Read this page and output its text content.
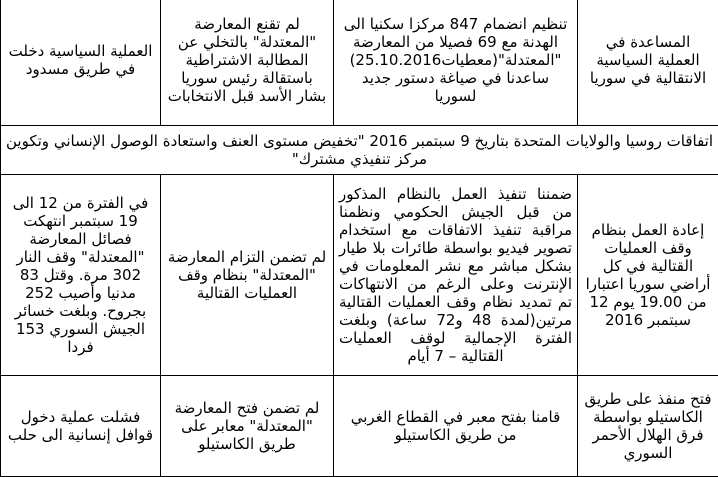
المساعدة في العملية السياسية الانتقالية في سوريا	تنظيم انضمام 847 مركزا سكنيا الى الهدنة مع 69 فصيلا من المعارضة "المعتدلة"(معطيات25.10.2016) ساعدنا في صياغة دستور جديد لسوريا	لم تقنع المعارضة "المعتدلة" بالتخلي عن المطالبة الاشتراطية باستقالة رئيس سوريا بشار الأسد قبل الانتخابات	العملية السياسية دخلت في طريق مسدود
اتفاقات روسيا والولايات المتحدة بتاريخ 9 سبتمبر 2016 "تخفيض مستوى العنف واستعادة الوصول الإنساني وتكوين مركز تنفيذي مشترك"			
إعادة العمل بنظام وقف العمليات القتالية في كل أراضي سوريا اعتبارا من 19.00 يوم 12 سبتمبر 2016	ضمننا تنفيذ العمل بالنظام المذكور من قبل الجيش الحكومي ونظمنا مراقبة تنفيذ الاتفاقات مع استخدام تصوير فيديو بواسطة طائرات بلا طيار بشكل مباشر مع نشر المعلومات في الإنترنت وعلى الرغم من الانتهاكات تم تمديد نظام وقف العمليات القتالية مرتين(لمدة 48 و72 ساعة) وبلغت الفترة الإجمالية لوقف العمليات القتالية – 7 أيام	لم تضمن التزام المعارضة "المعتدلة" بنظام وقف العمليات القتالية	في الفترة من 12 الى 19 سبتمبر انتهكت فصائل المعارضة "المعتدلة" وقف النار 302 مرة. وقتل 83 مدنيا وأصيب 252 بجروح. وبلغت خسائر الجيش السوري 153 فردا
فتح منفذ على طريق الكاستيلو بواسطة فرق الهلال الأحمر السوري	قامنا بفتح معبر في القطاع الغربي من طريق الكاستيلو	لم تضمن فتح المعارضة "المعتدلة" معابر على طريق الكاستيلو	فشلت عملية دخول قوافل إنسانية الى حلب
